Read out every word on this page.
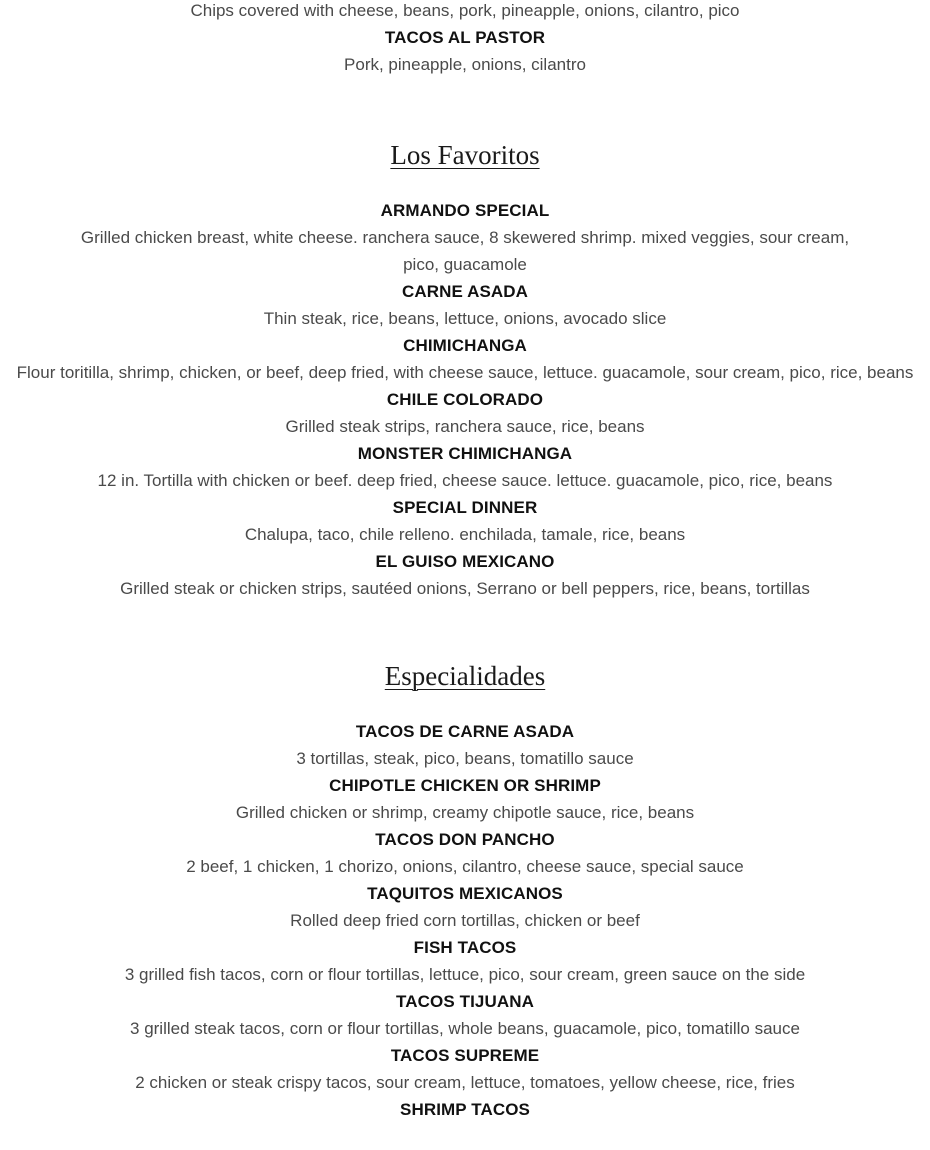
Chips covered with cheese, beans, pork, pineapple, onions, cilantro, pico
TACOS AL PASTOR
Pork, pineapple, onions, cilantro
Los Favoritos
ARMANDO SPECIAL
Grilled chicken breast, white cheese. ranchera sauce, 8 skewered shrimp. mixed veggies, sour cream, pico, guacamole
CARNE ASADA
Thin steak, rice, beans, lettuce, onions, avocado slice
CHIMICHANGA
Flour toritilla, shrimp, chicken, or beef, deep fried, with cheese sauce, lettuce. guacamole, sour cream, pico, rice, beans
CHILE COLORADO
Grilled steak strips, ranchera sauce, rice, beans
MONSTER CHIMICHANGA
12 in. Tortilla with chicken or beef. deep fried, cheese sauce. lettuce. guacamole, pico, rice, beans
SPECIAL DINNER
Chalupa, taco, chile relleno. enchilada, tamale, rice, beans
EL GUISO MEXICANO
Grilled steak or chicken strips, sautéed onions, Serrano or bell peppers, rice, beans, tortillas
Especialidades
TACOS DE CARNE ASADA
3 tortillas, steak, pico, beans, tomatillo sauce
CHIPOTLE CHICKEN OR SHRIMP
Grilled chicken or shrimp, creamy chipotle sauce, rice, beans
TACOS DON PANCHO
2 beef, 1 chicken, 1 chorizo, onions, cilantro, cheese sauce, special sauce
TAQUITOS MEXICANOS
Rolled deep fried corn tortillas, chicken or beef
FISH TACOS
3 grilled fish tacos, corn or flour tortillas, lettuce, pico, sour cream, green sauce on the side
TACOS TIJUANA
3 grilled steak tacos, corn or flour tortillas, whole beans, guacamole, pico, tomatillo sauce
TACOS SUPREME
2 chicken or steak crispy tacos, sour cream, lettuce, tomatoes, yellow cheese, rice, fries
SHRIMP TACOS
